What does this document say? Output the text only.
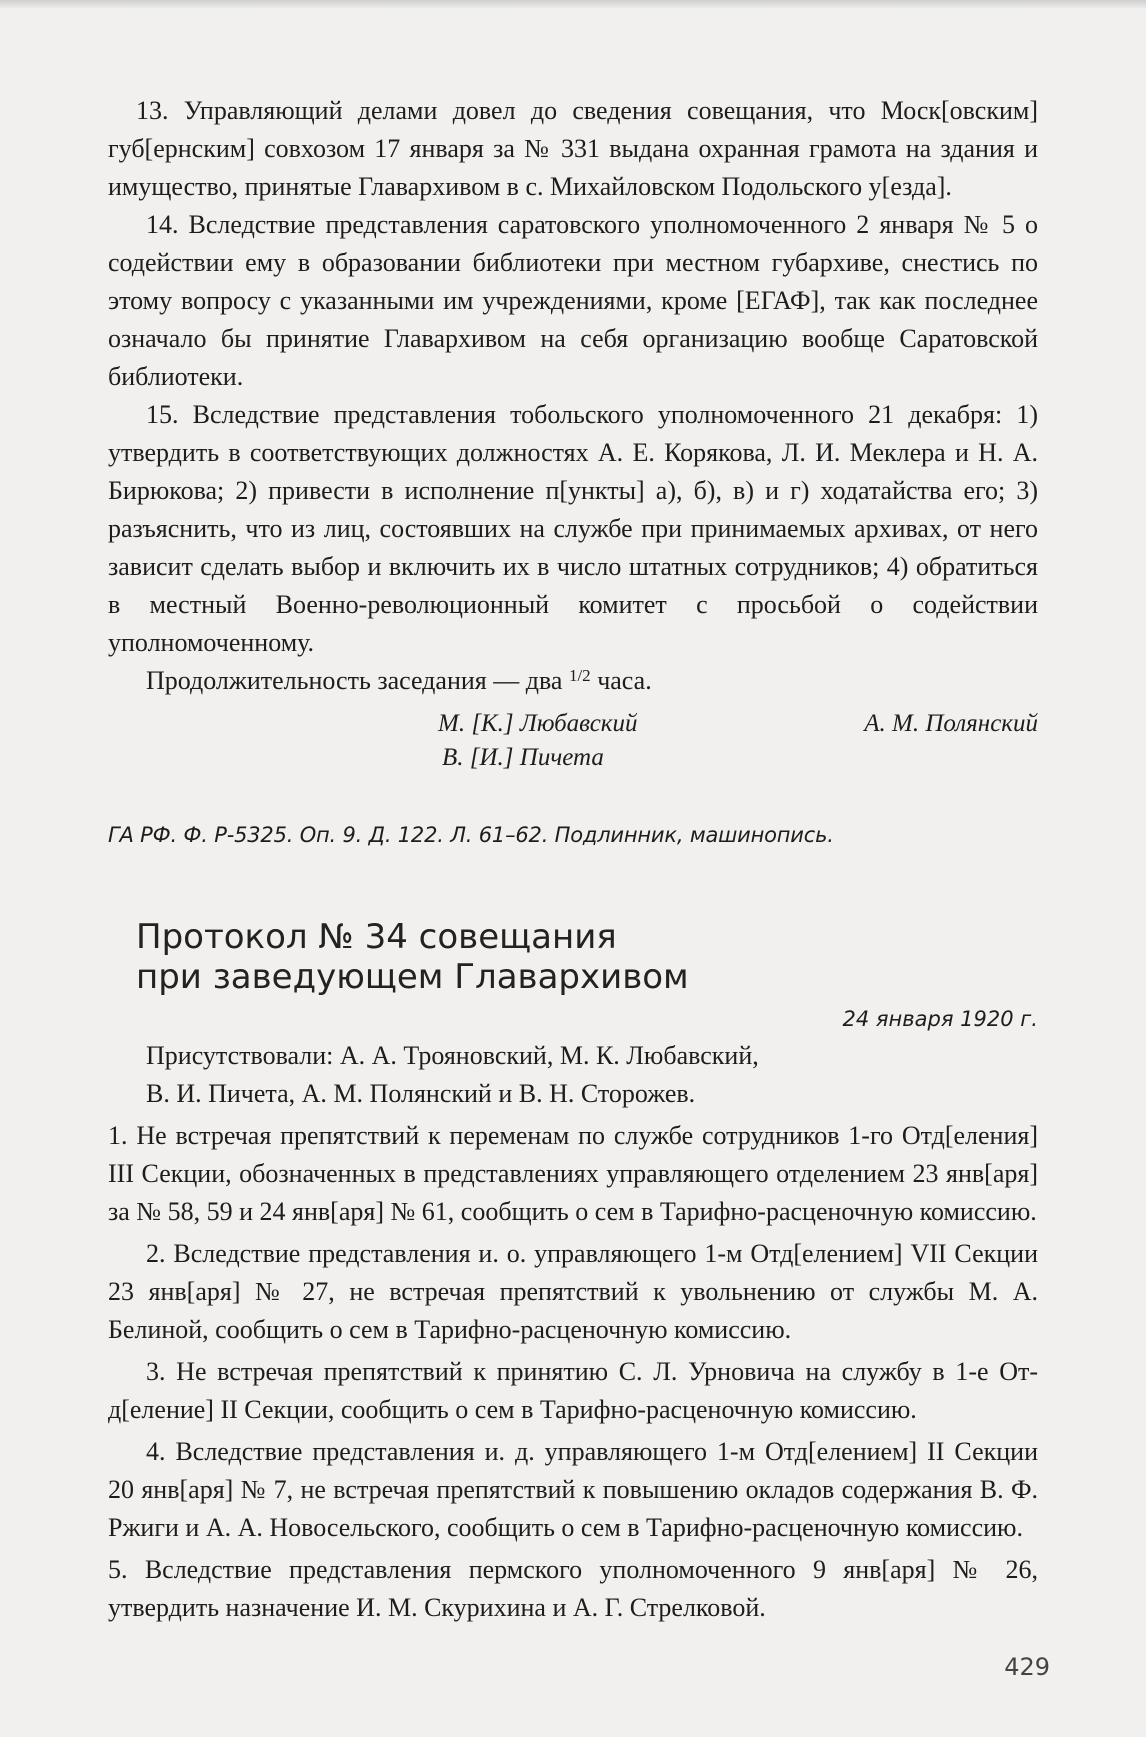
13. Управляющий делами довел до сведения совещания, что Моск[овским] губ[ернским] совхозом 17 января за № 331 выдана охранная грамота на здания и имущество, принятые Главархивом в с. Михайловском Подольского у[езда].

14. Вследствие представления саратовского уполномоченного 2 января № 5 о содействии ему в образовании библиотеки при местном губархиве, снестись по этому вопросу с указанными им учреждениями, кроме [ЕГАФ], так как последнее означало бы принятие Главархивом на себя организацию вообще Саратовской библиотеки.

15. Вследствие представления тобольского уполномоченного 21 декабря: 1) утвердить в соответствующих должностях А. Е. Корякова, Л. И. Меклера и Н. А. Бирюкова; 2) привести в исполнение п[ункты] а), б), в) и г) ходатайства его; 3) разъяснить, что из лиц, состоявших на службе при принимаемых архивах, от него зависит сделать выбор и включить их в число штатных сотрудников; 4) обратиться в местный Военно-революционный комитет с просьбой о содействии уполномоченному.

Продолжительность заседания — два $^{1/2}$ часа.

М. [К.] Любавский	А. М. Полянский
В. [И.] Пичета
ГА РФ. Ф. Р-5325. Оп. 9. Д. 122. Л. 61–62. Подлинник, машинопись.
Протокол № 34 совещания
при заведующем Главархивом
24 января 1920 г.

Присутствовали: А. А. Трояновский, М. К. Любавский,

В. И. Пичета, А. М. Полянский и В. Н. Сторожев.

1. Не встречая препятствий к переменам по службе сотрудников 1-го Отд[еления] III Секции, обозначенных в представлениях управляющего отделением 23 янв[аря] за № 58, 59 и 24 янв[аря] № 61, сообщить о сем в Тарифно-расценочную комиссию.

2. Вследствие представления и. о. управляющего 1-м Отд[елением] VII Секции 23 янв[аря] № 27, не встречая препятствий к увольнению от службы М. А. Белиной, сообщить о сем в Тарифно-расценочную комиссию.

3. Не встречая препятствий к принятию С. Л. Урновича на службу в 1-е Отд[еление] II Секции, сообщить о сем в Тарифно-расценочную комиссию.

4. Вследствие представления и. д. управляющего 1-м Отд[елением] II Секции 20 янв[аря] № 7, не встречая препятствий к повышению окладов содержания В. Ф. Ржиги и А. А. Новосельского, сообщить о сем в Тарифно-расценочную комиссию.

5. Вследствие представления пермского уполномоченного 9 янв[аря] № 26, утвердить назначение И. М. Скурихина и А. Г. Стрелковой.

429
